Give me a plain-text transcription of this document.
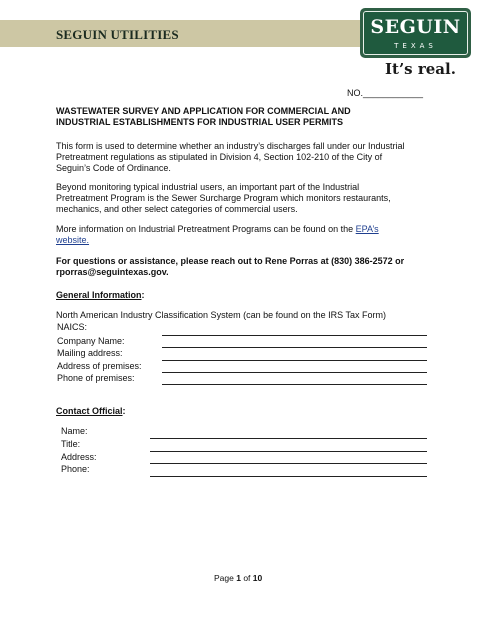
SEGUIN UTILITIES	SEGUIN
TEXAS
It’s real.
NO.____________
WASTEWATER SURVEY AND APPLICATION FOR COMMERCIAL AND
INDUSTRIAL ESTABLISHMENTS FOR INDUSTRIAL USER PERMITS
This form is used to determine whether an industry’s discharges fall under our Industrial
Pretreatment regulations as stipulated in Division 4, Section 102-210 of the City of
Seguin’s Code of Ordinance.
Beyond monitoring typical industrial users, an important part of the Industrial
Pretreatment Program is the Sewer Surcharge Program which monitors restaurants,
mechanics, and other select categories of commercial users.
More information on Industrial Pretreatment Programs can be found on the EPA’s
website.
For questions or assistance, please reach out to Rene Porras at (830) 386-2572 or
rporras@seguintexas.gov.
General Information:
North American Industry Classification System (can be found on the IRS Tax Form)
NAICS:
Company Name:
Mailing address:
Address of premises:
Phone of premises:
Contact Official:
Name:
Title:
Address:
Phone:
Page 1 of 10
